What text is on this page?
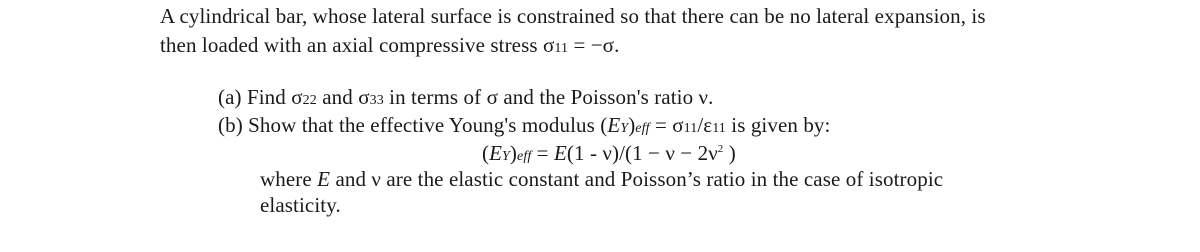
A cylindrical bar, whose lateral surface is constrained so that there can be no lateral expansion, is
then loaded with an axial compressive stress σ11 = −σ.
(a) Find σ22 and σ33 in terms of σ and the Poisson's ratio ν.
(b) Show that the effective Young's modulus (EY)eff = σ11/ε11 is given by:
$(EY)eff = E(1 - \nu)/(1 - \nu - 2\nu^2$ )
where E and ν are the elastic constant and Poisson’s ratio in the case of isotropic
elasticity.
